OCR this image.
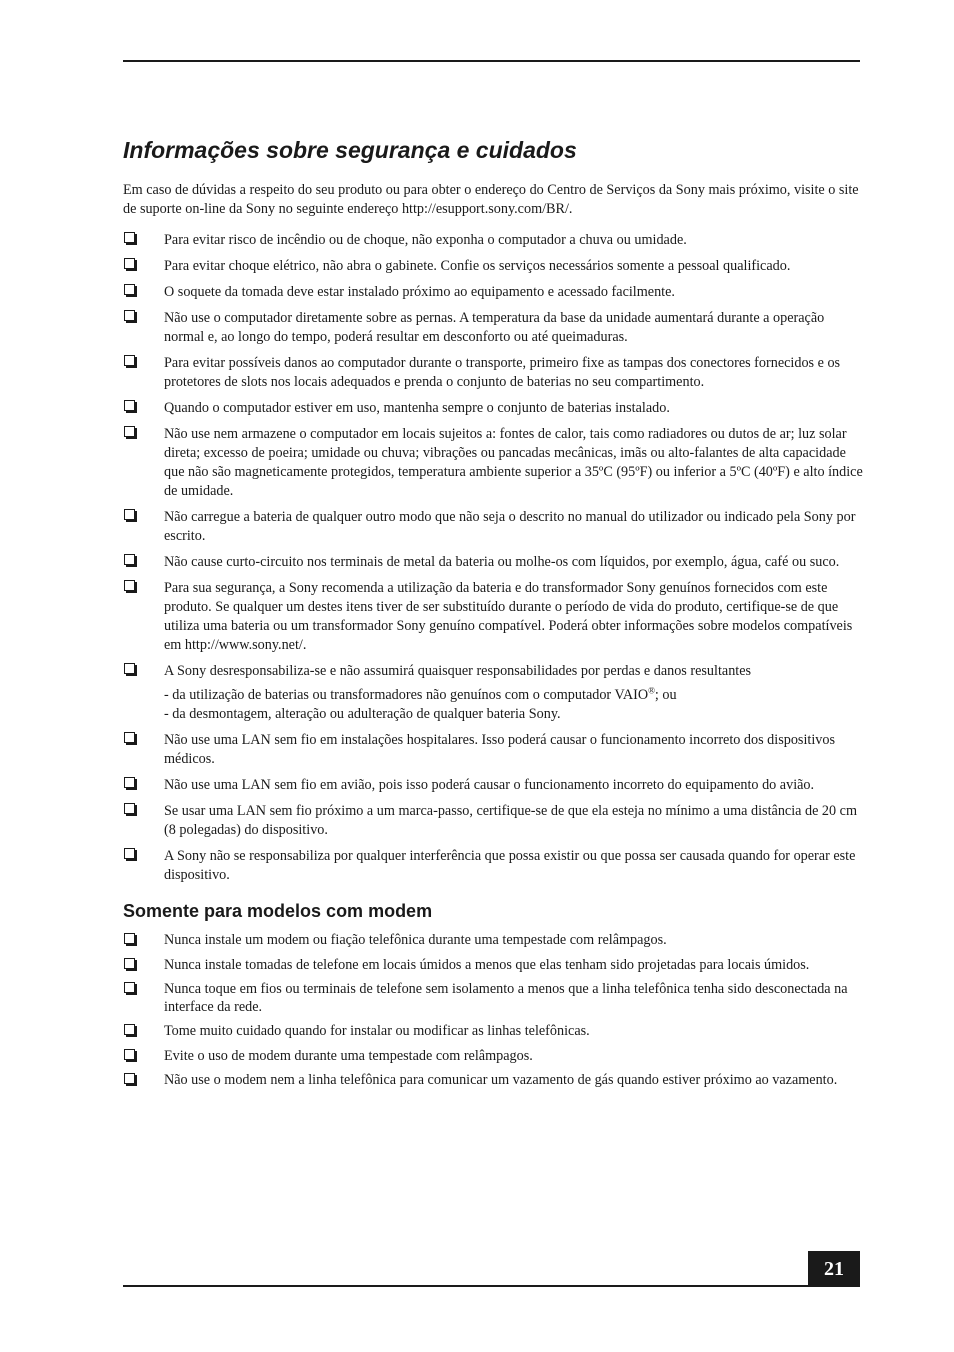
Informações sobre segurança e cuidados

Em caso de dúvidas a respeito do seu produto ou para obter o endereço do Centro de Serviços da Sony mais próximo, visite o site de suporte on-line da Sony no seguinte endereço http://esupport.sony.com/BR/.

Para evitar risco de incêndio ou de choque, não exponha o computador a chuva ou umidade.
Para evitar choque elétrico, não abra o gabinete. Confie os serviços necessários somente a pessoal qualificado.
O soquete da tomada deve estar instalado próximo ao equipamento e acessado facilmente.
Não use o computador diretamente sobre as pernas. A temperatura da base da unidade aumentará durante a operação normal e, ao longo do tempo, poderá resultar em desconforto ou até queimaduras.
Para evitar possíveis danos ao computador durante o transporte, primeiro fixe as tampas dos conectores fornecidos e os protetores de slots nos locais adequados e prenda o conjunto de baterias no seu compartimento.
Quando o computador estiver em uso, mantenha sempre o conjunto de baterias instalado.
Não use nem armazene o computador em locais sujeitos a: fontes de calor, tais como radiadores ou dutos de ar; luz solar direta; excesso de poeira; umidade ou chuva; vibrações ou pancadas mecânicas, imãs ou alto-falantes de alta capacidade que não são magneticamente protegidos, temperatura ambiente superior a 35ºC (95ºF) ou inferior a 5ºC (40ºF) e alto índice de umidade.
Não carregue a bateria de qualquer outro modo que não seja o descrito no manual do utilizador ou indicado pela Sony por escrito.
Não cause curto-circuito nos terminais de metal da bateria ou molhe-os com líquidos, por exemplo, água, café ou suco.
Para sua segurança, a Sony recomenda a utilização da bateria e do transformador Sony genuínos fornecidos com este produto. Se qualquer um destes itens tiver de ser substituído durante o período de vida do produto, certifique-se de que utiliza uma bateria ou um transformador Sony genuíno compatível. Poderá obter informações sobre modelos compatíveis em http://www.sony.net/.
A Sony desresponsabiliza-se e não assumirá quaisquer responsabilidades por perdas e danos resultantes
- da utilização de baterias ou transformadores não genuínos com o computador VAIO®; ou
- da desmontagem, alteração ou adulteração de qualquer bateria Sony.
Não use uma LAN sem fio em instalações hospitalares. Isso poderá causar o funcionamento incorreto dos dispositivos médicos.
Não use uma LAN sem fio em avião, pois isso poderá causar o funcionamento incorreto do equipamento do avião.
Se usar uma LAN sem fio próximo a um marca-passo, certifique-se de que ela esteja no mínimo a uma distância de 20 cm (8 polegadas) do dispositivo.
A Sony não se responsabiliza por qualquer interferência que possa existir ou que possa ser causada quando for operar este dispositivo.
Somente para modelos com modem
Nunca instale um modem ou fiação telefônica durante uma tempestade com relâmpagos.
Nunca instale tomadas de telefone em locais úmidos a menos que elas tenham sido projetadas para locais úmidos.
Nunca toque em fios ou terminais de telefone sem isolamento a menos que a linha telefônica tenha sido desconectada na interface da rede.
Tome muito cuidado quando for instalar ou modificar as linhas telefônicas.
Evite o uso de modem durante uma tempestade com relâmpagos.
Não use o modem nem a linha telefônica para comunicar um vazamento de gás quando estiver próximo ao vazamento.
21
